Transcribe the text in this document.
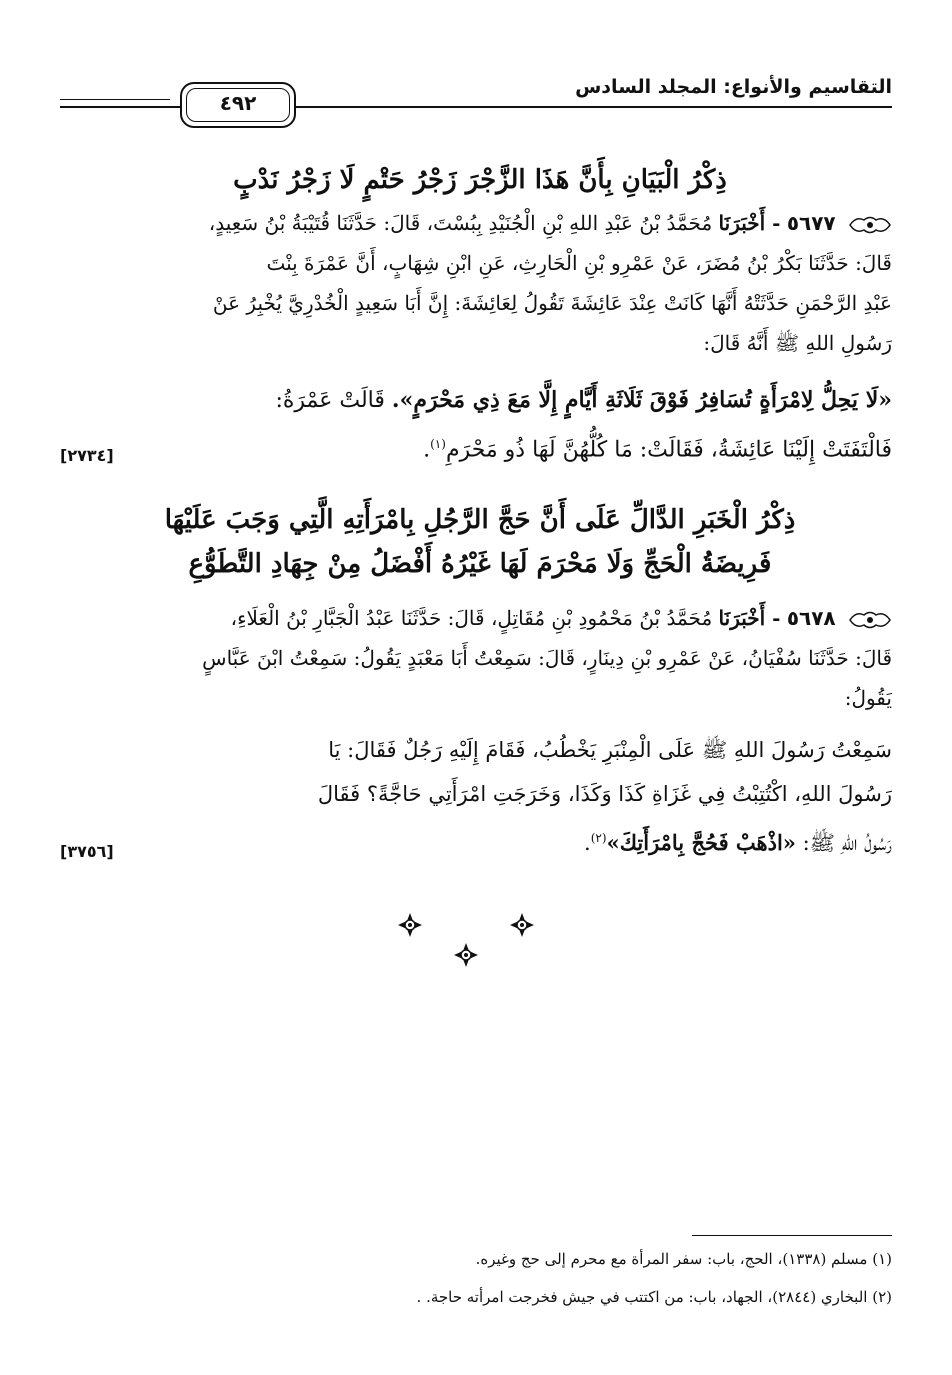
التقاسيم والأنواع: المجلد السادس
٤٩٢
ذِكْرُ الْبَيَانِ بِأَنَّ هَذَا الزَّجْرَ زَجْرُ حَتْمٍ لَا زَجْرُ نَدْبٍ
٥٦٧٧ - أَخْبَرَنَا مُحَمَّدُ بْنُ عَبْدِ اللهِ بْنِ الْجُنَيْدِ بِبُسْتَ، قَالَ: حَدَّثَنَا قُتَيْبَةُ بْنُ سَعِيدٍ،
قَالَ: حَدَّثَنَا بَكْرُ بْنُ مُضَرَ، عَنْ عَمْرِو بْنِ الْحَارِثِ، عَنِ ابْنِ شِهَابٍ، أَنَّ عَمْرَةَ بِنْتَ
عَبْدِ الرَّحْمَنِ حَدَّثَتْهُ أَنَّهَا كَانَتْ عِنْدَ عَائِشَةَ تَقُولُ لِعَائِشَةَ: إِنَّ أَبَا سَعِيدٍ الْخُدْرِيَّ يُخْبِرُ عَنْ
رَسُولِ اللهِ ﷺ أَنَّهُ قَالَ:
«لَا يَحِلُّ لِامْرَأَةٍ تُسَافِرُ فَوْقَ ثَلَاثَةِ أَيَّامٍ إِلَّا مَعَ ذِي مَحْرَمٍ». قَالَتْ عَمْرَةُ:
فَالْتَفَتَتْ إِلَيْنَا عَائِشَةُ، فَقَالَتْ: مَا كُلُّهُنَّ لَهَا ذُو مَحْرَمٍ$^{(١)}$.
[٢٧٣٤]
ذِكْرُ الْخَبَرِ الدَّالِّ عَلَى أَنَّ حَجَّ الرَّجُلِ بِامْرَأَتِهِ الَّتِي وَجَبَ عَلَيْهَا
فَرِيضَةُ الْحَجِّ وَلَا مَحْرَمَ لَهَا غَيْرُهُ أَفْضَلُ مِنْ جِهَادِ التَّطَوُّعِ
٥٦٧٨ - أَخْبَرَنَا مُحَمَّدُ بْنُ مَحْمُودِ بْنِ مُقَاتِلٍ، قَالَ: حَدَّثَنَا عَبْدُ الْجَبَّارِ بْنُ الْعَلَاءِ،
قَالَ: حَدَّثَنَا سُفْيَانُ، عَنْ عَمْرِو بْنِ دِينَارٍ، قَالَ: سَمِعْتُ أَبَا مَعْبَدٍ يَقُولُ: سَمِعْتُ ابْنَ عَبَّاسٍ
يَقُولُ:
سَمِعْتُ رَسُولَ اللهِ ﷺ عَلَى الْمِنْبَرِ يَخْطُبُ، فَقَامَ إِلَيْهِ رَجُلٌ فَقَالَ: يَا
رَسُولَ اللهِ، اكْتُتِبْتُ فِي غَزَاةِ كَذَا وَكَذَا، وَخَرَجَتِ امْرَأَتِي حَاجَّةً؟ فَقَالَ
رَسُولُ اللهِ ﷺ: «اذْهَبْ فَحُجَّ بِامْرَأَتِكَ»$^{(٢)}$.
[٣٧٥٦]
(١) مسلم (١٣٣٨)، الحج، باب: سفر المرأة مع محرم إلى حج وغيره.
(٢) البخاري (٢٨٤٤)، الجهاد، باب: من اكتتب في جيش فخرجت امرأته حاجة. .
